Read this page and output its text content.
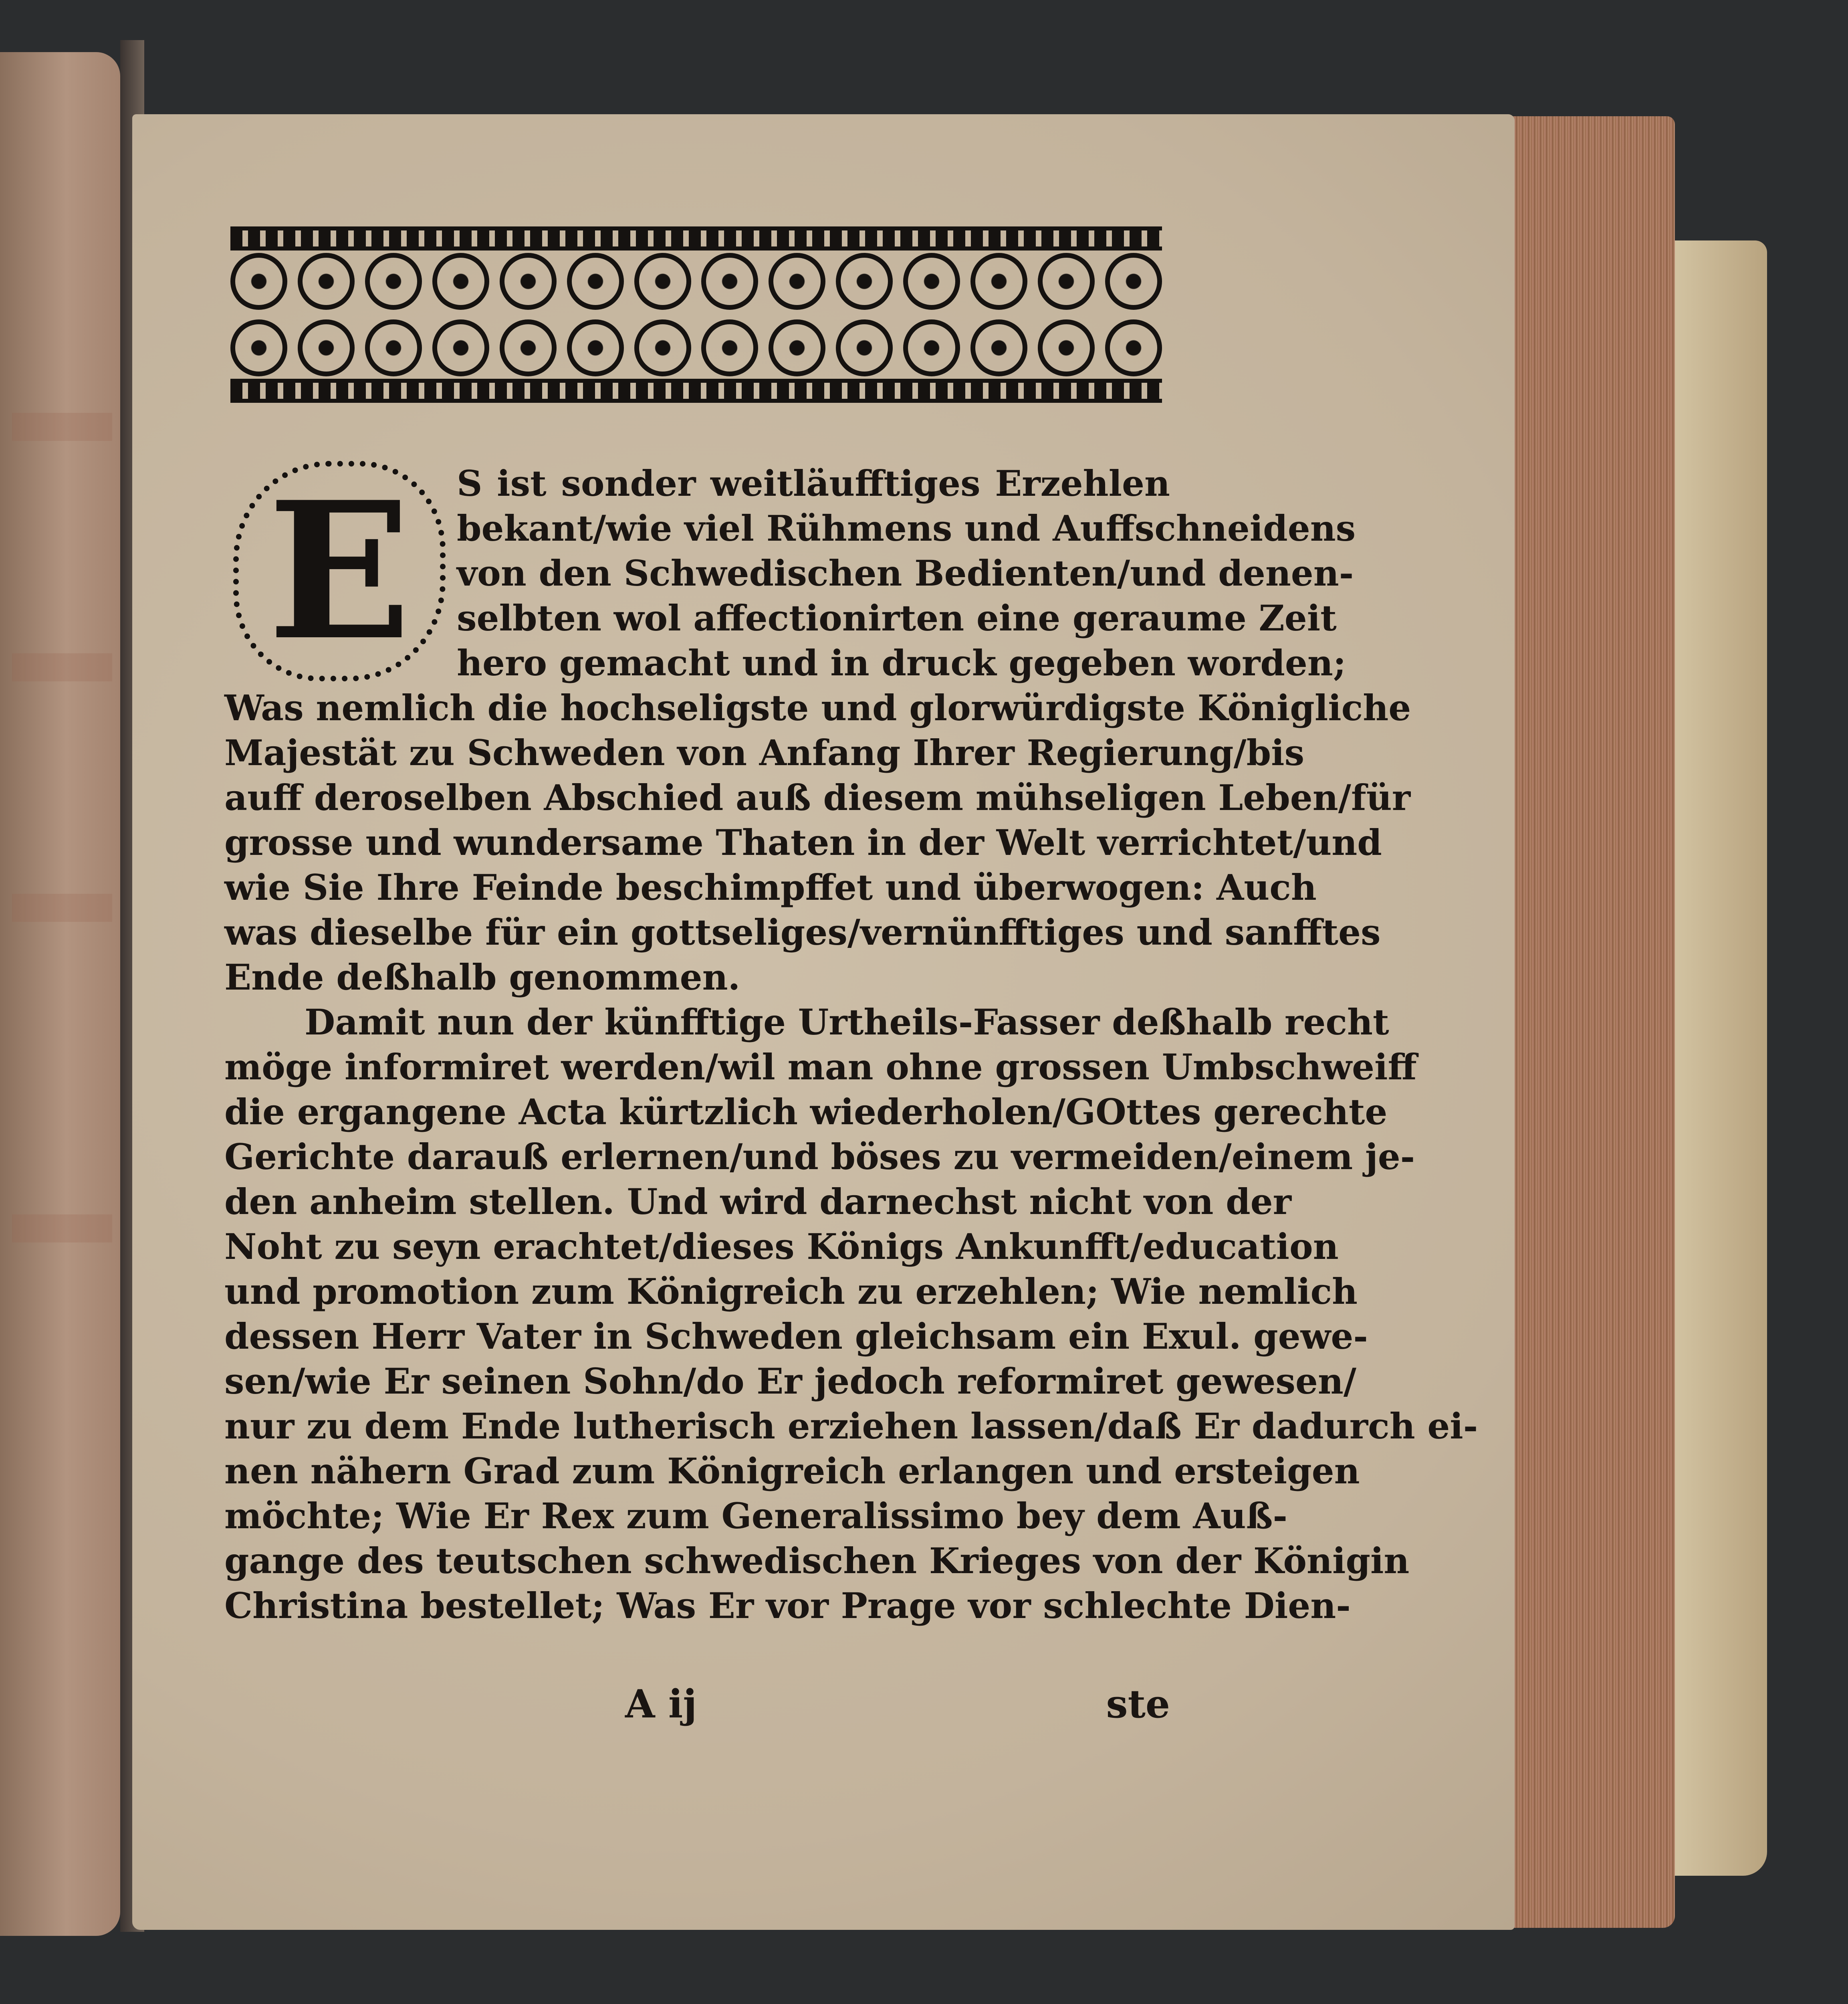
E	S ist sonder weitläufftiges Erzehlen
bekant/wie viel Rühmens und Auffschneidens
von den Schwedischen Bedienten/und denen-
selbten wol affectionirten eine geraume Zeit
hero gemacht und in druck gegeben worden;
Was nemlich die hochseligste und glorwürdigste Königliche
Majestät zu Schweden von Anfang Ihrer Regierung/bis
auff deroselben Abschied auß diesem mühseligen Leben/für
grosse und wundersame Thaten in der Welt verrichtet/und
wie Sie Ihre Feinde beschimpffet und überwogen: Auch
was dieselbe für ein gottseliges/vernünfftiges und sanfftes
Ende deßhalb genommen.
Damit nun der künfftige Urtheils-Fasser deßhalb recht
möge informiret werden/wil man ohne grossen Umbschweiff
die ergangene Acta kürtzlich wiederholen/GOttes gerechte
Gerichte darauß erlernen/und böses zu vermeiden/einem je-
den anheim stellen. Und wird darnechst nicht von der
Noht zu seyn erachtet/dieses Königs Ankunfft/education
und promotion zum Königreich zu erzehlen; Wie nemlich
dessen Herr Vater in Schweden gleichsam ein Exul. gewe-
sen/wie Er seinen Sohn/do Er jedoch reformiret gewesen/
nur zu dem Ende lutherisch erziehen lassen/daß Er dadurch ei-
nen nähern Grad zum Königreich erlangen und ersteigen
möchte; Wie Er Rex zum Generalissimo bey dem Auß-
gange des teutschen schwedischen Krieges von der Königin
Christina bestellet; Was Er vor Prage vor schlechte Dien-
A ij	ste
